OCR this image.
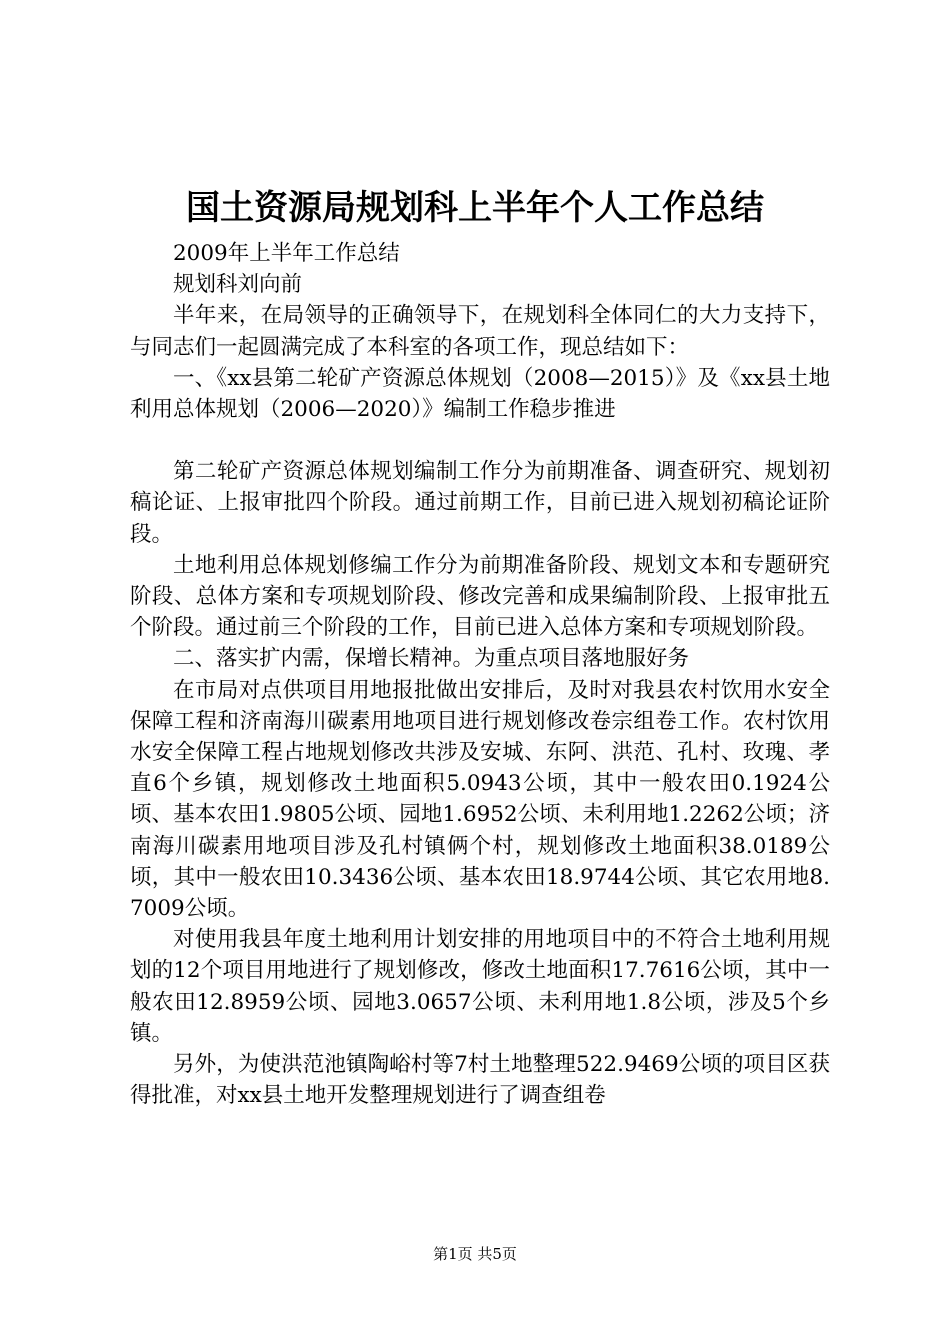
国土资源局规划科上半年个人工作总结

2009年上半年工作总结

规划科刘向前

半年来，在局领导的正确领导下，在规划科全体同仁的大力支持下，与同志们一起圆满完成了本科室的各项工作，现总结如下：

一、《xx县第二轮矿产资源总体规划（2008—2015）》及《xx县土地利用总体规划（2006—2020）》编制工作稳步推进

第二轮矿产资源总体规划编制工作分为前期准备、调查研究、规划初稿论证、上报审批四个阶段。通过前期工作，目前已进入规划初稿论证阶段。

土地利用总体规划修编工作分为前期准备阶段、规划文本和专题研究阶段、总体方案和专项规划阶段、修改完善和成果编制阶段、上报审批五个阶段。通过前三个阶段的工作，目前已进入总体方案和专项规划阶段。

二、落实扩内需，保增长精神。为重点项目落地服好务

在市局对点供项目用地报批做出安排后，及时对我县农村饮用水安全保障工程和济南海川碳素用地项目进行规划修改卷宗组卷工作。农村饮用水安全保障工程占地规划修改共涉及安城、东阿、洪范、孔村、玫瑰、孝直6个乡镇，规划修改土地面积5.0943公顷，其中一般农田0.1924公顷、基本农田1.9805公顷、园地1.6952公顷、未利用地1.2262公顷；济南海川碳素用地项目涉及孔村镇俩个村，规划修改土地面积38.0189公顷，其中一般农田10.3436公顷、基本农田18.9744公顷、其它农用地8.7009公顷。

对使用我县年度土地利用计划安排的用地项目中的不符合土地利用规划的12个项目用地进行了规划修改，修改土地面积17.7616公顷，其中一般农田12.8959公顷、园地3.0657公顷、未利用地1.8公顷，涉及5个乡镇。

另外，为使洪范池镇陶峪村等7村土地整理522.9469公顷的项目区获得批准，对xx县土地开发整理规划进行了调查组卷

第1页 共5页
